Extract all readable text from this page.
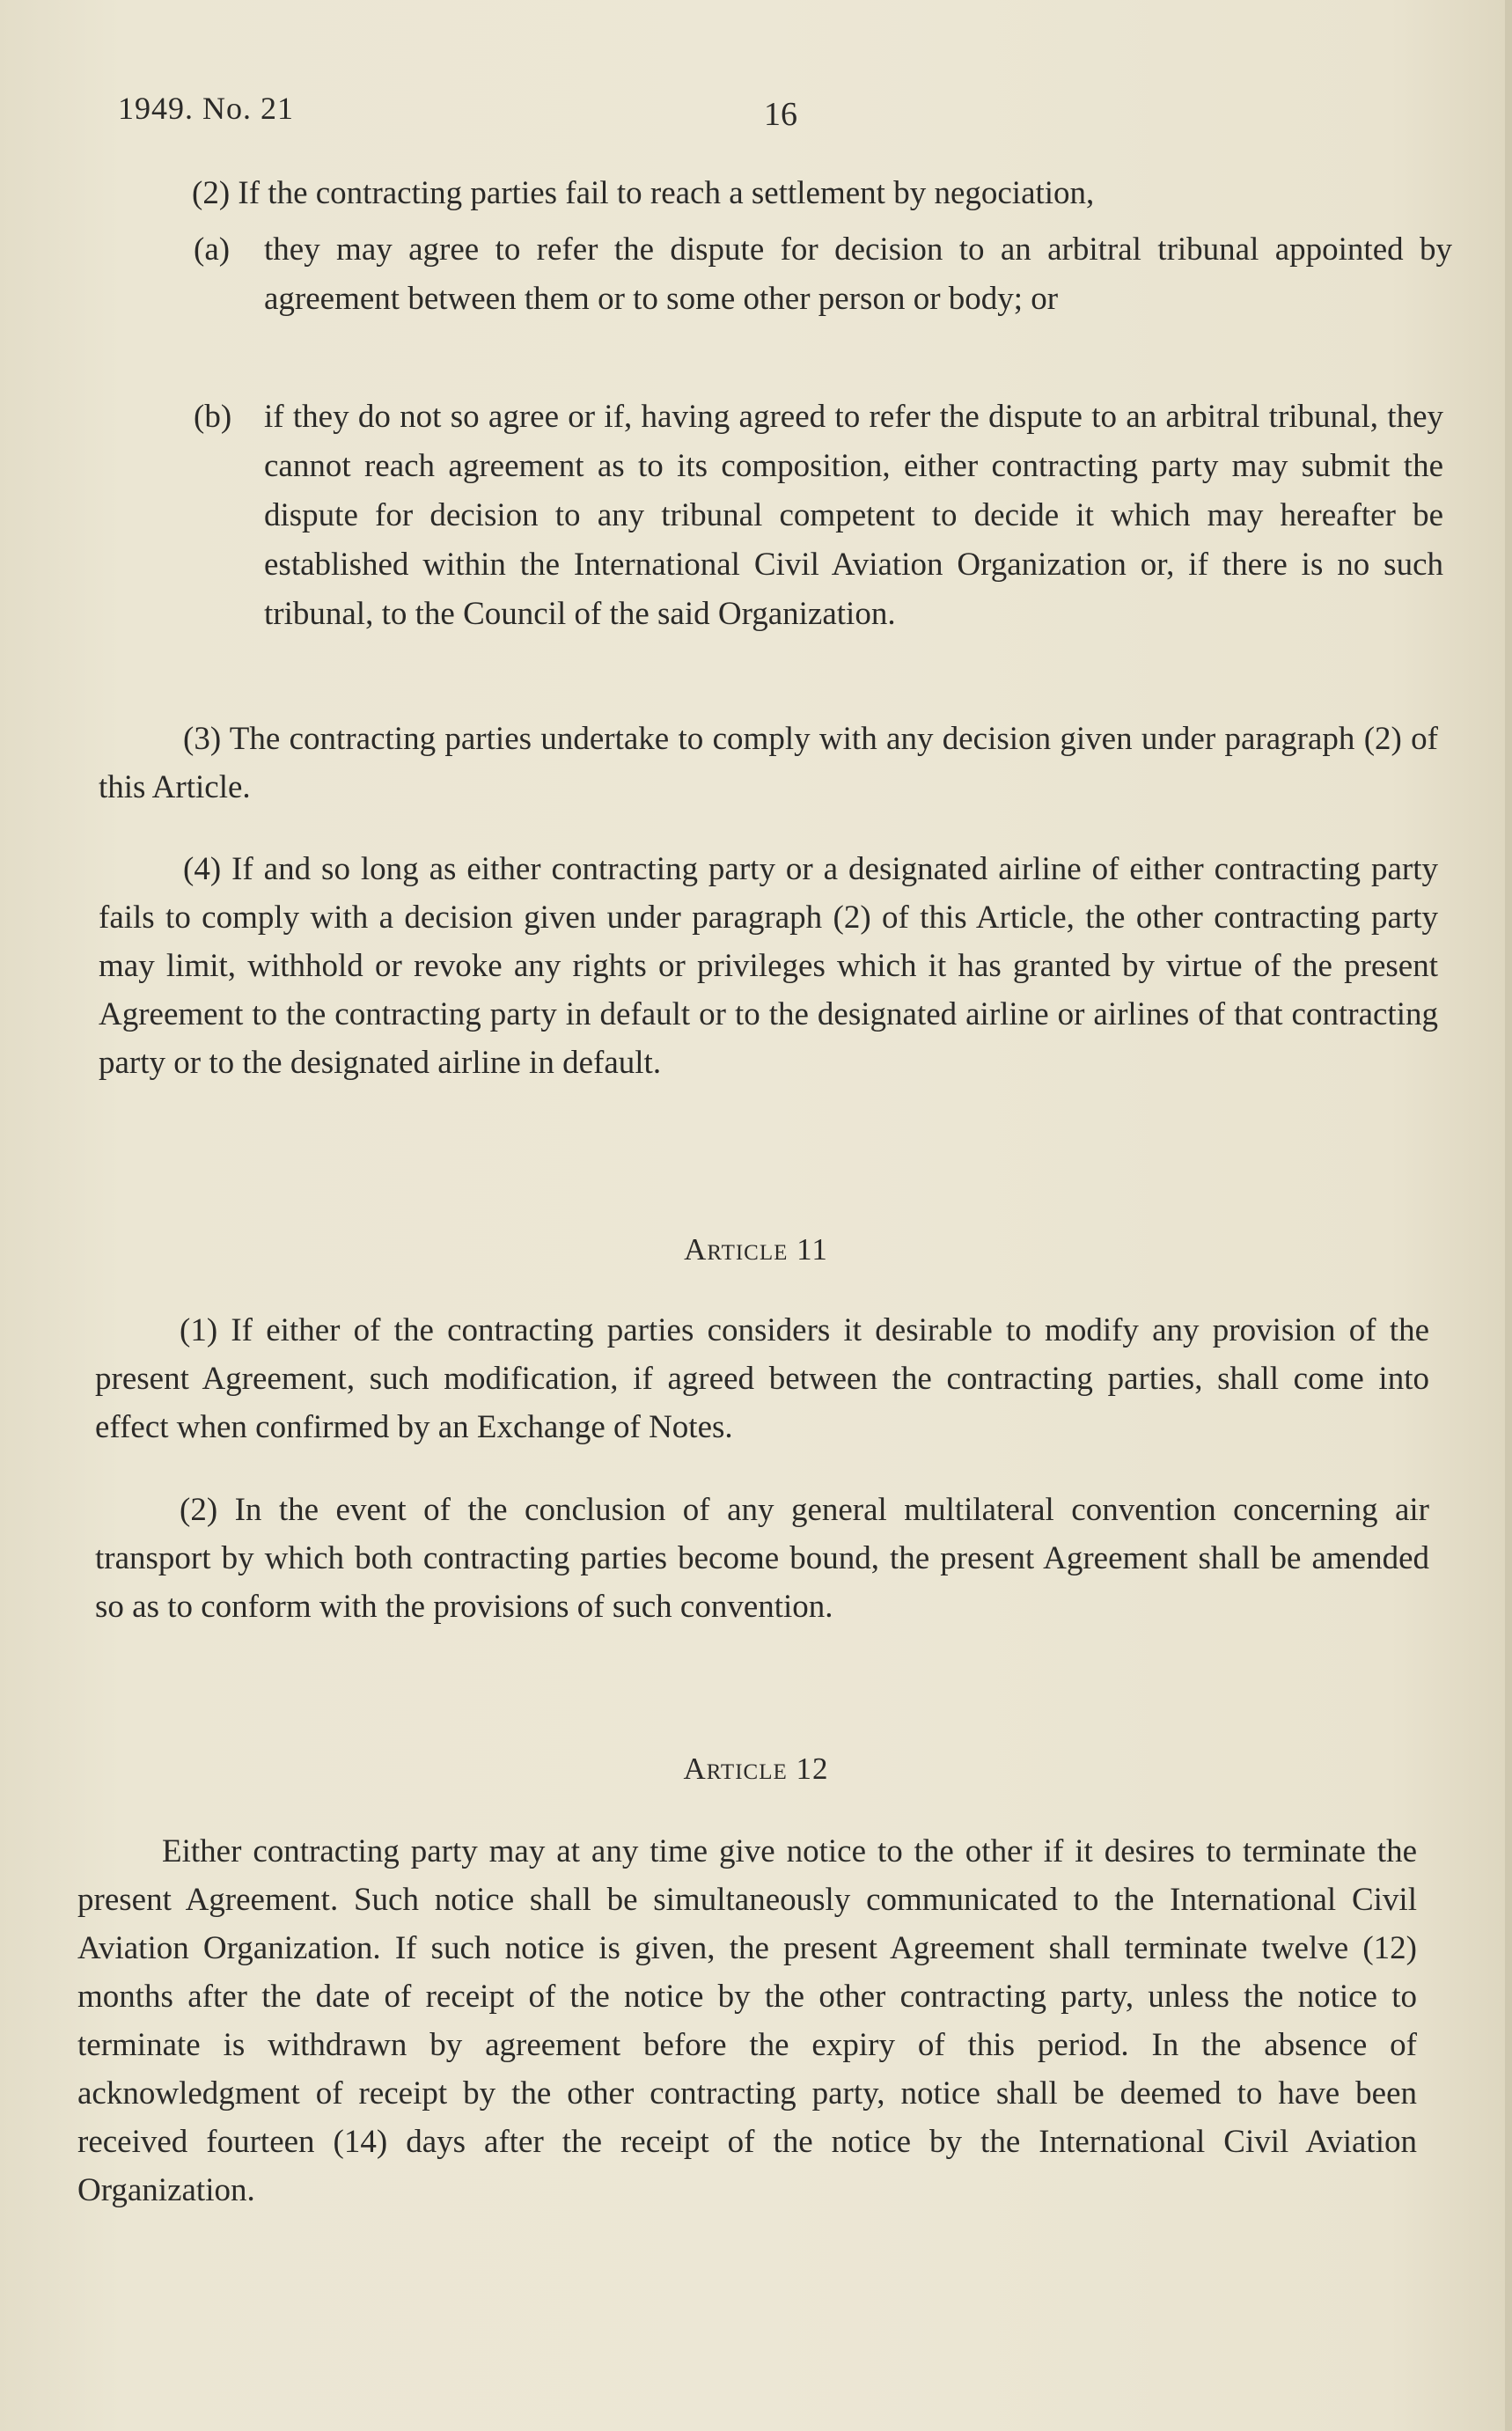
1949. No. 21	16
(2) If the contracting parties fail to reach a settlement by negociation,
(a) they may agree to refer the dispute for decision to an arbitral tribunal appointed by agreement between them or to some other person or body; or
(b) if they do not so agree or if, having agreed to refer the dispute to an arbitral tribunal, they cannot reach agreement as to its composition, either contracting party may submit the dispute for decision to any tribunal competent to decide it which may hereafter be established within the International Civil Aviation Organization or, if there is no such tribunal, to the Council of the said Organization.
(3) The contracting parties undertake to comply with any decision given under paragraph (2) of this Article.
(4) If and so long as either contracting party or a designated airline of either contracting party fails to comply with a decision given under paragraph (2) of this Article, the other contracting party may limit, withhold or revoke any rights or privileges which it has granted by virtue of the present Agreement to the contracting party in default or to the designated airline or airlines of that contracting party or to the designated airline in default.
Article 11
(1) If either of the contracting parties considers it desirable to modify any provision of the present Agreement, such modification, if agreed between the contracting parties, shall come into effect when confirmed by an Exchange of Notes.
(2) In the event of the conclusion of any general multilateral convention concerning air transport by which both contracting parties become bound, the present Agreement shall be amended so as to conform with the provisions of such convention.
Article 12
Either contracting party may at any time give notice to the other if it desires to terminate the present Agreement. Such notice shall be simultaneously communicated to the International Civil Aviation Organization. If such notice is given, the present Agreement shall terminate twelve (12) months after the date of receipt of the notice by the other contracting party, unless the notice to terminate is withdrawn by agreement before the expiry of this period. In the absence of acknowledgment of receipt by the other contracting party, notice shall be deemed to have been received fourteen (14) days after the receipt of the notice by the International Civil Aviation Organization.
